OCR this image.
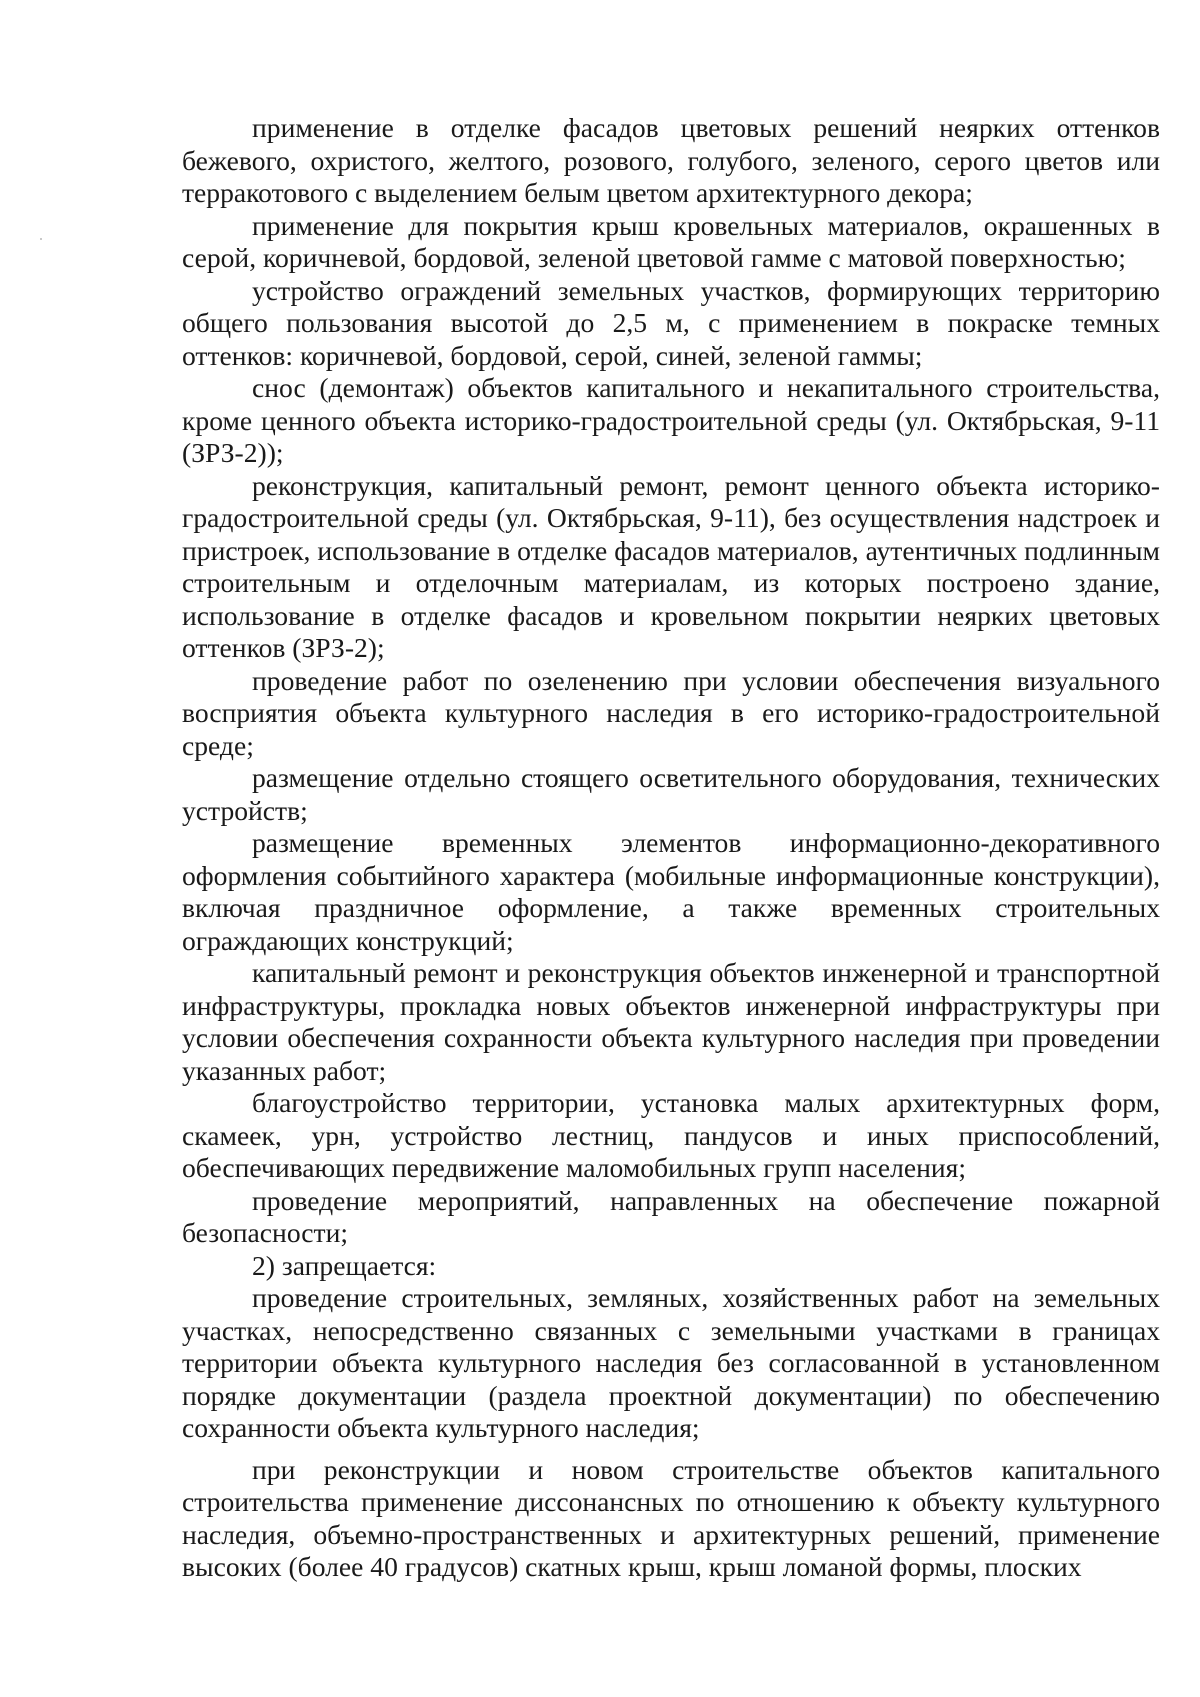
применение в отделке фасадов цветовых решений неярких оттенков бежевого, охристого, желтого, розового, голубого, зеленого, серого цветов или терракотового с выделением белым цветом архитектурного декора;

применение для покрытия крыш кровельных материалов, окрашенных в серой, коричневой, бордовой, зеленой цветовой гамме с матовой поверхностью;

устройство ограждений земельных участков, формирующих территорию общего пользования высотой до 2,5 м, с применением в покраске темных оттенков: коричневой, бордовой, серой, синей, зеленой гаммы;

снос (демонтаж) объектов капитального и некапитального строительства, кроме ценного объекта историко-градостроительной среды (ул. Октябрьская, 9-11 (ЗРЗ-2));

реконструкция, капитальный ремонт, ремонт ценного объекта историко-градостроительной среды (ул. Октябрьская, 9-11), без осуществления надстроек и пристроек, использование в отделке фасадов материалов, аутентичных подлинным строительным и отделочным материалам, из которых построено здание, использование в отделке фасадов и кровельном покрытии неярких цветовых оттенков (ЗРЗ-2);

проведение работ по озеленению при условии обеспечения визуального восприятия объекта культурного наследия в его историко-градостроительной среде;

размещение отдельно стоящего осветительного оборудования, технических устройств;

размещение временных элементов информационно-декоративного оформления событийного характера (мобильные информационные конструкции), включая праздничное оформление, а также временных строительных ограждающих конструкций;

капитальный ремонт и реконструкция объектов инженерной и транспортной инфраструктуры, прокладка новых объектов инженерной инфраструктуры при условии обеспечения сохранности объекта культурного наследия при проведении указанных работ;

благоустройство территории, установка малых архитектурных форм, скамеек, урн, устройство лестниц, пандусов и иных приспособлений, обеспечивающих передвижение маломобильных групп населения;

проведение мероприятий, направленных на обеспечение пожарной безопасности;

2) запрещается:

проведение строительных, земляных, хозяйственных работ на земельных участках, непосредственно связанных с земельными участками в границах территории объекта культурного наследия без согласованной в установленном порядке документации (раздела проектной документации) по обеспечению сохранности объекта культурного наследия;

при реконструкции и новом строительстве объектов капитального строительства применение диссонансных по отношению к объекту культурного наследия, объемно-пространственных и архитектурных решений, применение высоких (более 40 градусов) скатных крыш, крыш ломаной формы, плоских
